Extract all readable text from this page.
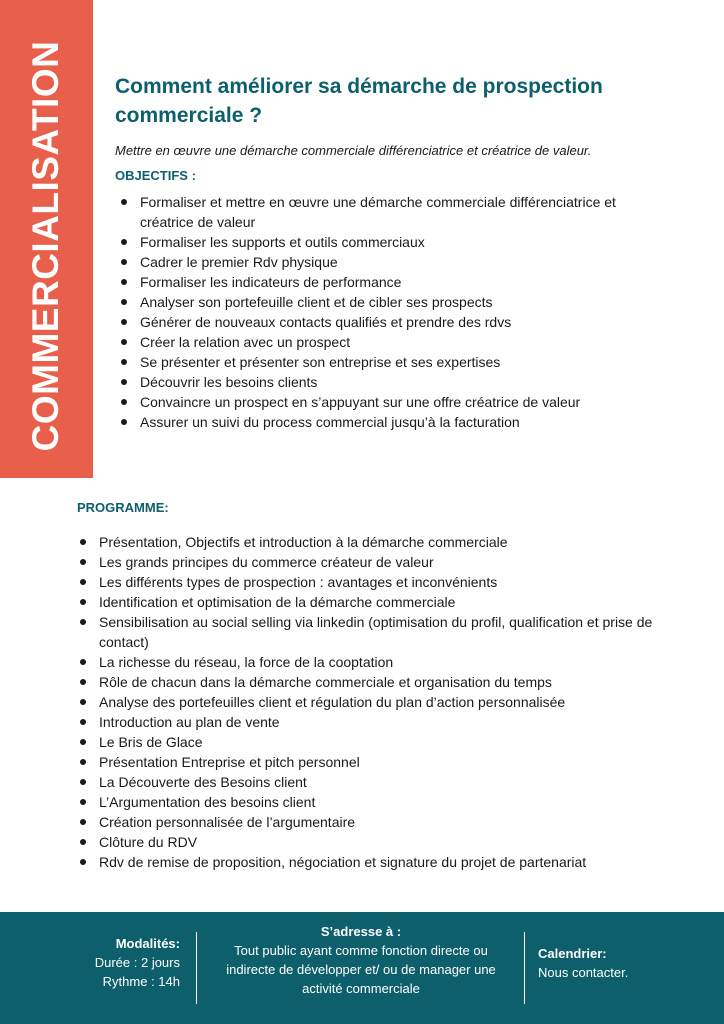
COMMERCIALISATION Comment améliorer sa démarche de prospection commerciale ?

Mettre en œuvre une démarche commerciale différenciatrice et créatrice de valeur.

OBJECTIFS :
Formaliser et mettre en œuvre une démarche commerciale différenciatrice et créatrice de valeur
Formaliser les supports et outils commerciaux
Cadrer le premier Rdv physique
Formaliser les indicateurs de performance
Analyser son portefeuille client et de cibler ses prospects
Générer de nouveaux contacts qualifiés et prendre des rdvs
Créer la relation avec un prospect
Se présenter et présenter son entreprise et ses expertises
Découvrir les besoins clients
Convaincre un prospect en s’appuyant sur une offre créatrice de valeur
Assurer un suivi du process commercial jusqu’à la facturation
PROGRAMME:
Présentation, Objectifs et introduction à la démarche commerciale
Les grands principes du commerce créateur de valeur
Les différents types de prospection : avantages et inconvénients
Identification et optimisation de la démarche commerciale
Sensibilisation au social selling via linkedin (optimisation du profil, qualification et prise de contact)
La richesse du réseau, la force de la cooptation
Rôle de chacun dans la démarche commerciale et organisation du temps
Analyse des portefeuilles client et régulation du plan d’action personnalisée
Introduction au plan de vente
Le Bris de Glace
Présentation Entreprise et pitch personnel
La Découverte des Besoins client
L’Argumentation des besoins client
Création personnalisée de l’argumentaire
Clôture du RDV
Rdv de remise de proposition, négociation et signature du projet de partenariat
Modalités:
Durée : 2 jours
Rythme : 14h
S’adresse à :
Tout public ayant comme fonction directe ou
indirecte de développer et/ ou de manager une
activité commerciale
Calendrier:
Nous contacter.
